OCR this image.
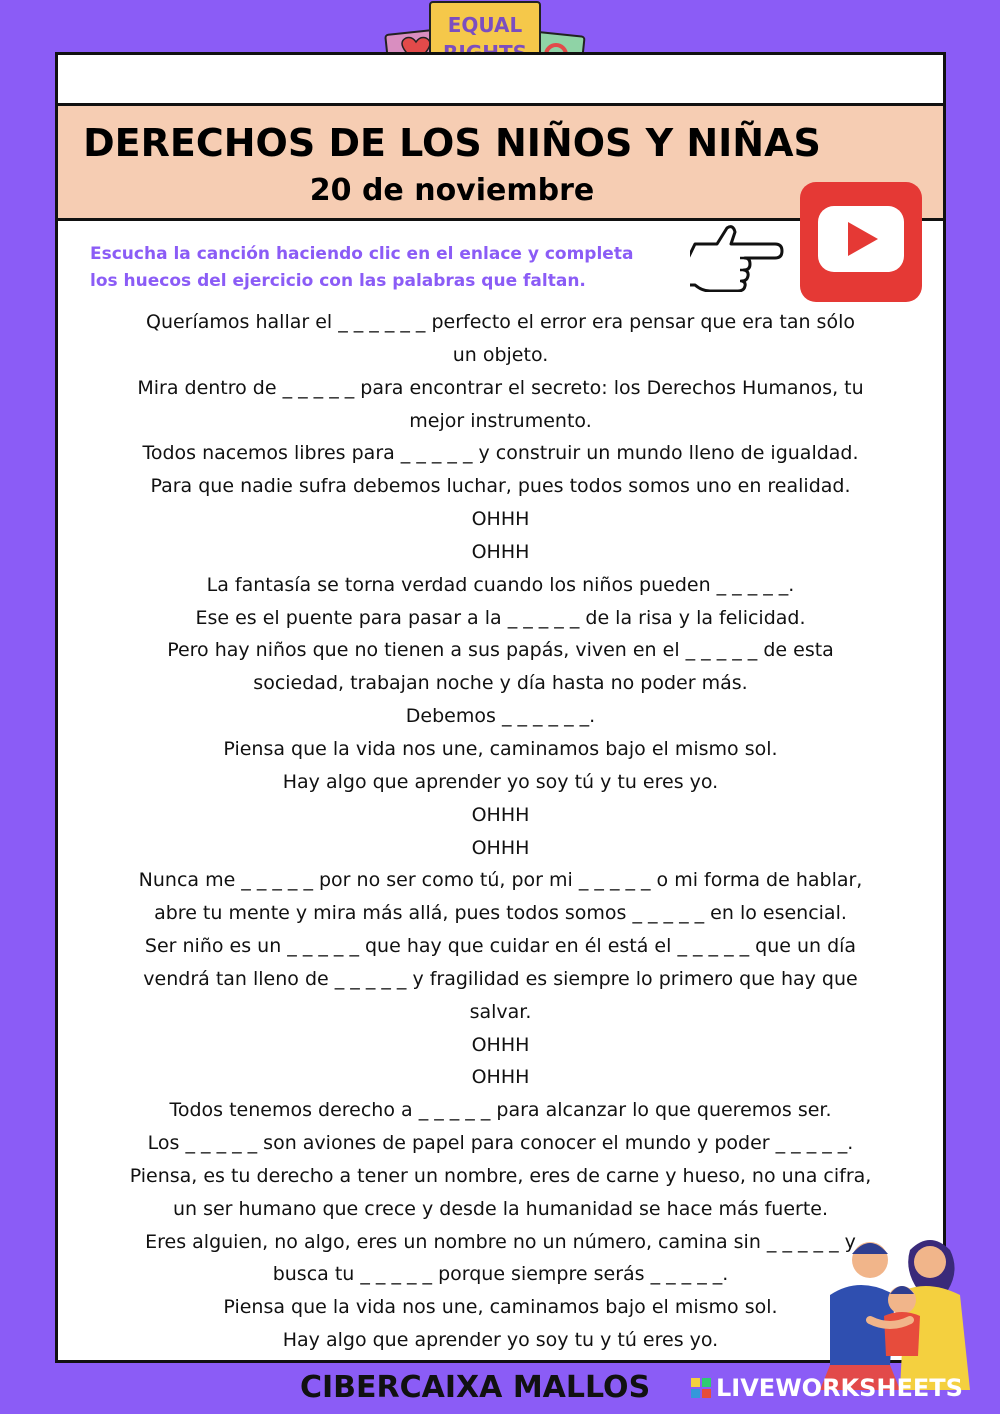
EQUAL
DERECHOS DE LOS NIÑOS Y NIÑAS
20 de noviembre
Escucha la canción haciendo clic en el enlace y completa
los huecos del ejercicio con las palabras que faltan.
Queríamos hallar el _ _ _ _ _ _ perfecto el error era pensar que era tan sólo
un objeto.
Mira dentro de _ _ _ _ _ para encontrar el secreto: los Derechos Humanos, tu
mejor instrumento.
Todos nacemos libres para _ _ _ _ _ y construir un mundo lleno de igualdad.
Para que nadie sufra debemos luchar, pues todos somos uno en realidad.
OHHH
OHHH
La fantasía se torna verdad cuando los niños pueden _ _ _ _ _.
Ese es el puente para pasar a la _ _ _ _ _ de la risa y la felicidad.
Pero hay niños que no tienen a sus papás, viven en el _ _ _ _ _ de esta
sociedad, trabajan noche y día hasta no poder más.
Debemos _ _ _ _ _ _.
Piensa que la vida nos une, caminamos bajo el mismo sol.
Hay algo que aprender yo soy tú y tu eres yo.
OHHH
OHHH
Nunca me _ _ _ _ _ por no ser como tú, por mi _ _ _ _ _ o mi forma de hablar,
abre tu mente y mira más allá, pues todos somos _ _ _ _ _ en lo esencial.
Ser niño es un _ _ _ _ _ que hay que cuidar en él está el _ _ _ _ _ que un día
vendrá tan lleno de _ _ _ _ _ y fragilidad es siempre lo primero que hay que
salvar.
OHHH
OHHH
Todos tenemos derecho a _ _ _ _ _ para alcanzar lo que queremos ser.
Los _ _ _ _ _ son aviones de papel para conocer el mundo y poder _ _ _ _ _.
Piensa, es tu derecho a tener un nombre, eres de carne y hueso, no una cifra,
un ser humano que crece y desde la humanidad se hace más fuerte.
Eres alguien, no algo, eres un nombre no un número, camina sin _ _ _ _ _ y
busca tu _ _ _ _ _ porque siempre serás _ _ _ _ _.
Piensa que la vida nos une, caminamos bajo el mismo sol.
Hay algo que aprender yo soy tu y tú eres yo.
CIBERCAIXA MALLOS	LIVEWORKSHEETS
